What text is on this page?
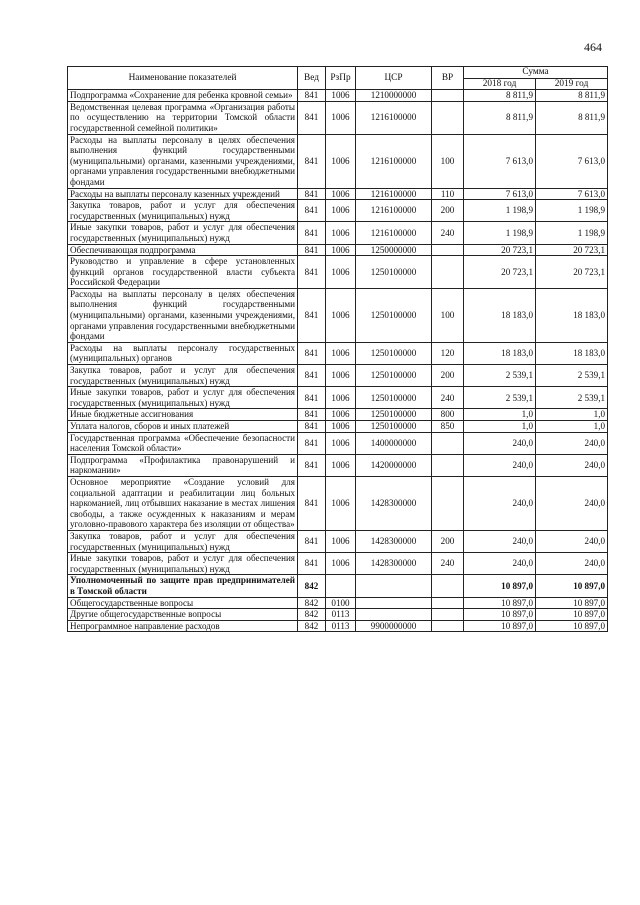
464
Наименование показателей	Вед	РзПр	ЦСР	ВР	Сумма	
					2018 год	2019 год
Подпрограмма «Сохранение для ребенка кровной семьи»	841	1006	1210000000		8 811,9	8 811,9
Ведомственная целевая программа «Организация работы по осуществлению на территории Томской области государственной семейной политики»	841	1006	1216100000		8 811,9	8 811,9
Расходы на выплаты персоналу в целях обеспечения выполнения функций государственными (муниципальными) органами, казенными учреждениями, органами управления государственными внебюджетными фондами	841	1006	1216100000	100	7 613,0	7 613,0
Расходы на выплаты персоналу казенных учреждений	841	1006	1216100000	110	7 613,0	7 613,0
Закупка товаров, работ и услуг для обеспечения государственных (муниципальных) нужд	841	1006	1216100000	200	1 198,9	1 198,9
Иные закупки товаров, работ и услуг для обеспечения государственных (муниципальных) нужд	841	1006	1216100000	240	1 198,9	1 198,9
Обеспечивающая подпрограмма	841	1006	1250000000		20 723,1	20 723,1
Руководство и управление в сфере установленных функций органов государственной власти субъекта Российской Федерации	841	1006	1250100000		20 723,1	20 723,1
Расходы на выплаты персоналу в целях обеспечения выполнения функций государственными (муниципальными) органами, казенными учреждениями, органами управления государственными внебюджетными фондами	841	1006	1250100000	100	18 183,0	18 183,0
Расходы на выплаты персоналу государственных (муниципальных) органов	841	1006	1250100000	120	18 183,0	18 183,0
Закупка товаров, работ и услуг для обеспечения государственных (муниципальных) нужд	841	1006	1250100000	200	2 539,1	2 539,1
Иные закупки товаров, работ и услуг для обеспечения государственных (муниципальных) нужд	841	1006	1250100000	240	2 539,1	2 539,1
Иные бюджетные ассигнования	841	1006	1250100000	800	1,0	1,0
Уплата налогов, сборов и иных платежей	841	1006	1250100000	850	1,0	1,0
Государственная программа «Обеспечение безопасности населения Томской области»	841	1006	1400000000		240,0	240,0
Подпрограмма «Профилактика правонарушений и наркомании»	841	1006	1420000000		240,0	240,0
Основное мероприятие «Создание условий для социальной адаптации и реабилитации лиц больных наркоманией, лиц отбывших наказание в местах лишения свободы, а также осужденных к наказаниям и мерам уголовно-правового характера без изоляции от общества»	841	1006	1428300000		240,0	240,0
Закупка товаров, работ и услуг для обеспечения государственных (муниципальных) нужд	841	1006	1428300000	200	240,0	240,0
Иные закупки товаров, работ и услуг для обеспечения государственных (муниципальных) нужд	841	1006	1428300000	240	240,0	240,0
Уполномоченный по защите прав предпринимателей в Томской области	842				10 897,0	10 897,0
Общегосударственные вопросы	842	0100			10 897,0	10 897,0
Другие общегосударственные вопросы	842	0113			10 897,0	10 897,0
Непрограммное направление расходов	842	0113	9900000000		10 897,0	10 897,0
